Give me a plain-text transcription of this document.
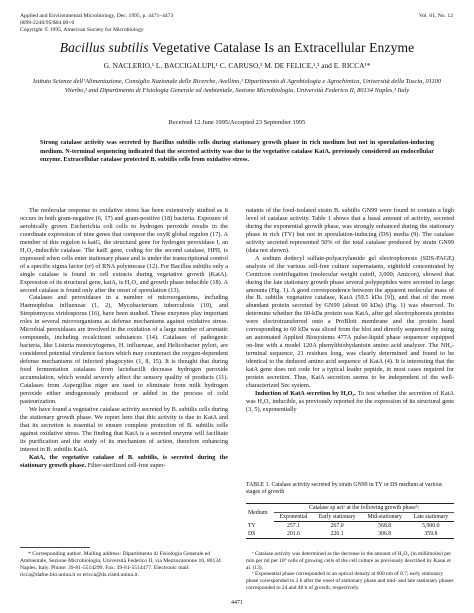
Applied and Environmental Microbiology, Dec. 1995, p. 4471–4473
0099-2240/95/$04.00+0
Copyright © 1995, American Society for Microbiology
Vol. 61, No. 12
Bacillus subtilis Vegetative Catalase Is an Extracellular Enzyme
G. NACLERIO,¹ L. BACCIGALUPI,¹ C. CARUSO,² M. DE FELICE,¹,³ and E. RICCA¹*
Istituto Scienze dell’Alimentazione, Consiglio Nazionale delle Ricerche, Avellino,¹ Dipartimento di Agrobiologia e Agrochimica, Università della Tuscia, 01100 Viterbo,² and Dipartimento di Fisiologia Generale ed Ambientale, Sezione Microbiologia, Università Federico II, 80134 Naples,³ Italy
Received 12 June 1995/Accepted 23 September 1995
Strong catalase activity was secreted by Bacillus subtilis cells during stationary growth phase in rich medium but not in sporulation-inducing medium. N-terminal sequencing indicated that the secreted activity was due to the vegetative catalase KatA, previously considered an endocellular enzyme. Extracellular catalase protected B. subtilis cells from oxidative stress.

The molecular response to oxidative stress has been extensively studied as it occurs in both gram-negative (6, 17) and gram-positive (18) bacteria. Exposure of aerobically grown Escherichia coli cells to hydrogen peroxide results in the coordinate expression of nine genes that compose the oxyR global regulon (17). A member of this regulon is katG, the structural gene for hydrogen peroxidase I, an H₂O₂-inducible catalase. The katE gene, coding for the second catalase, HPII, is expressed when cells enter stationary phase and is under the transcriptional control of a specific sigma factor (σˢ) of RNA polymerase (12). For Bacillus subtilis only a single catalase is found in cell extracts during vegetative growth (KatA). Expression of its structural gene, katA, is H₂O₂ and growth phase inducible (18). A second catalase is found only after the onset of sporulation (13).

Catalases and peroxidases in a number of microorganisms, including Haemophilus influenzae (1, 2), Mycobacterium tuberculosis (10), and Streptomyces viridosporus (16), have been studied. These enzymes play important roles in several microorganisms as defense mechanisms against oxidative stress. Microbial peroxidases are involved in the oxidation of a large number of aromatic compounds, including recalcitrant substances (14). Catalases of pathogenic bacteria, like Listeria monocytogenes, H. influenzae, and Helicobacter pylori, are considered potential virulence factors which may counteract the oxygen-dependent defense mechanisms of infected phagocytes (1, 8, 15). It is thought that during food fermentation catalases from lactobacilli decrease hydrogen peroxide accumulation, which would severely affect the sensory quality of products (11). Catalases from Aspergillus niger are used to eliminate from milk hydrogen peroxide either endogenously produced or added in the process of cold pasteurization.

We have found a vegetative catalase activity secreted by B. subtilis cells during the stationary growth phase. We report here that this activity is due to KatA and that its secretion is essential to ensure complete protection of B. subtilis cells against oxidative stress. The finding that KatA is a secreted enzyme will facilitate its purification and the study of its mechanism of action, therefore enhancing interest in B. subtilis KatA.

KatA, the vegetative catalase of B. subtilis, is secreted during the stationary growth phase. Filter-sterilized cell-free super-

natants of the food-isolated strain B. subtilis GN99 were found to contain a high level of catalase activity. Table 1 shows that a basal amount of activity, secreted during the exponential growth phase, was strongly enhanced during the stationary phase in rich (TY) but not in sporulation-inducing (DS) media (9). The catalase activity secreted represented 50% of the total catalase produced by strain GN99 (data not shown).

A sodium dodecyl sulfate-polyacrylamide gel electrophoresis (SDS-PAGE) analysis of the various cell-free culture supernatants, eightfold concentrated by Centricon centrifugation (molecular weight cutoff, 3,000; Amicon), showed that during the late stationary growth phase several polypeptides were secreted in large amounts (Fig. 1). A good correspondence between the apparent molecular mass of the B. subtilis vegetative catalase, KatA (59.5 kDa [9]), and that of the most abundant protein secreted by GN99 (about 60 kDa) (Fig. 1) was observed. To determine whether the 60-kDa protein was KatA, after gel electrophoresis proteins were electrotransferred onto a ProBlott membrane and the protein band corresponding to 60 kDa was sliced from the blot and directly sequenced by using an automated Applied Biosystems 477A pulse-liquid phase sequencer equipped on-line with a model 120A phenylthiohydantoin amino acid analyzer. The NH₂-terminal sequence, 21 residues long, was clearly determined and found to be identical to the deduced amino acid sequence of KatA (4). It is interesting that the katA gene does not code for a typical leader peptide, in most cases required for protein secretion. Thus, KatA secretion seems to be independent of the well-characterized Sec system.

Induction of KatA secretion by H₂O₂. To test whether the secretion of KatA was H₂O₂ inducible, as previously reported for the expression of its structural gene (3, 5), exponentially

TABLE 1. Catalase activity secreted by strain GN99 in TY or DS medium at various stages of growth
Medium	Catalase sp actᵃ at the following growth phaseᵇ:			
	Exponential	Early stationary	Mid-stationary	Late stationary
TY	257.1	267.0	568.8	5,900.0
DS	201.6	226.1	306.8	359.8
ᵃ Catalase activity was determined as the decrease in the amount of H₂O₂ (in millimoles) per min per ml per 10⁹ cells of growing cells of the cell culture as previously described by Kasai et al. (13).
ᵇ Exponential phase corresponded to an optical density at 600 nm of 0.7; early stationary phase corresponded to 3 h after the onset of stationary phase and mid- and late stationary phases corresponded to 24 and 48 h of growth, respectively.
* Corresponding author. Mailing address: Dipartimento di Fisiologia Generale ed Ambientale, Sezione Microbiologia, Università Federico II, via Mezzocannone 16, 80134 Naples, Italy. Phone: 39-81-5514299. Fax: 39-81-5514477. Electronic mail: ricca@dafne.bio.unina.it or ericca@ds.cised.unina.it.
4471
